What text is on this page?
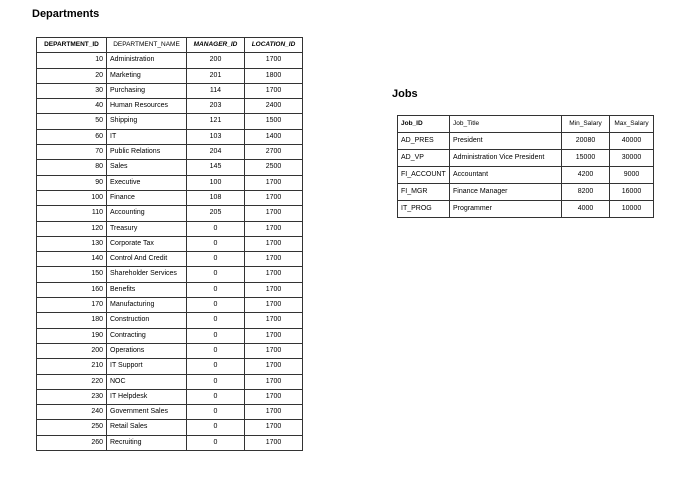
Departments
DEPARTMENT_ID	DEPARTMENT_NAME	MANAGER_ID	LOCATION_ID
10	Administration	200	1700
20	Marketing	201	1800
30	Purchasing	114	1700
40	Human Resources	203	2400
50	Shipping	121	1500
60	IT	103	1400
70	Public Relations	204	2700
80	Sales	145	2500
90	Executive	100	1700
100	Finance	108	1700
110	Accounting	205	1700
120	Treasury	0	1700
130	Corporate Tax	0	1700
140	Control And Credit	0	1700
150	Shareholder Services	0	1700
160	Benefits	0	1700
170	Manufacturing	0	1700
180	Construction	0	1700
190	Contracting	0	1700
200	Operations	0	1700
210	IT Support	0	1700
220	NOC	0	1700
230	IT Helpdesk	0	1700
240	Government Sales	0	1700
250	Retail Sales	0	1700
260	Recruiting	0	1700
Jobs
Job_ID	Job_Title	Min_Salary	Max_Salary
AD_PRES	President	20080	40000
AD_VP	Administration Vice President	15000	30000
FI_ACCOUNT	Accountant	4200	9000
FI_MGR	Finance Manager	8200	16000
IT_PROG	Programmer	4000	10000
